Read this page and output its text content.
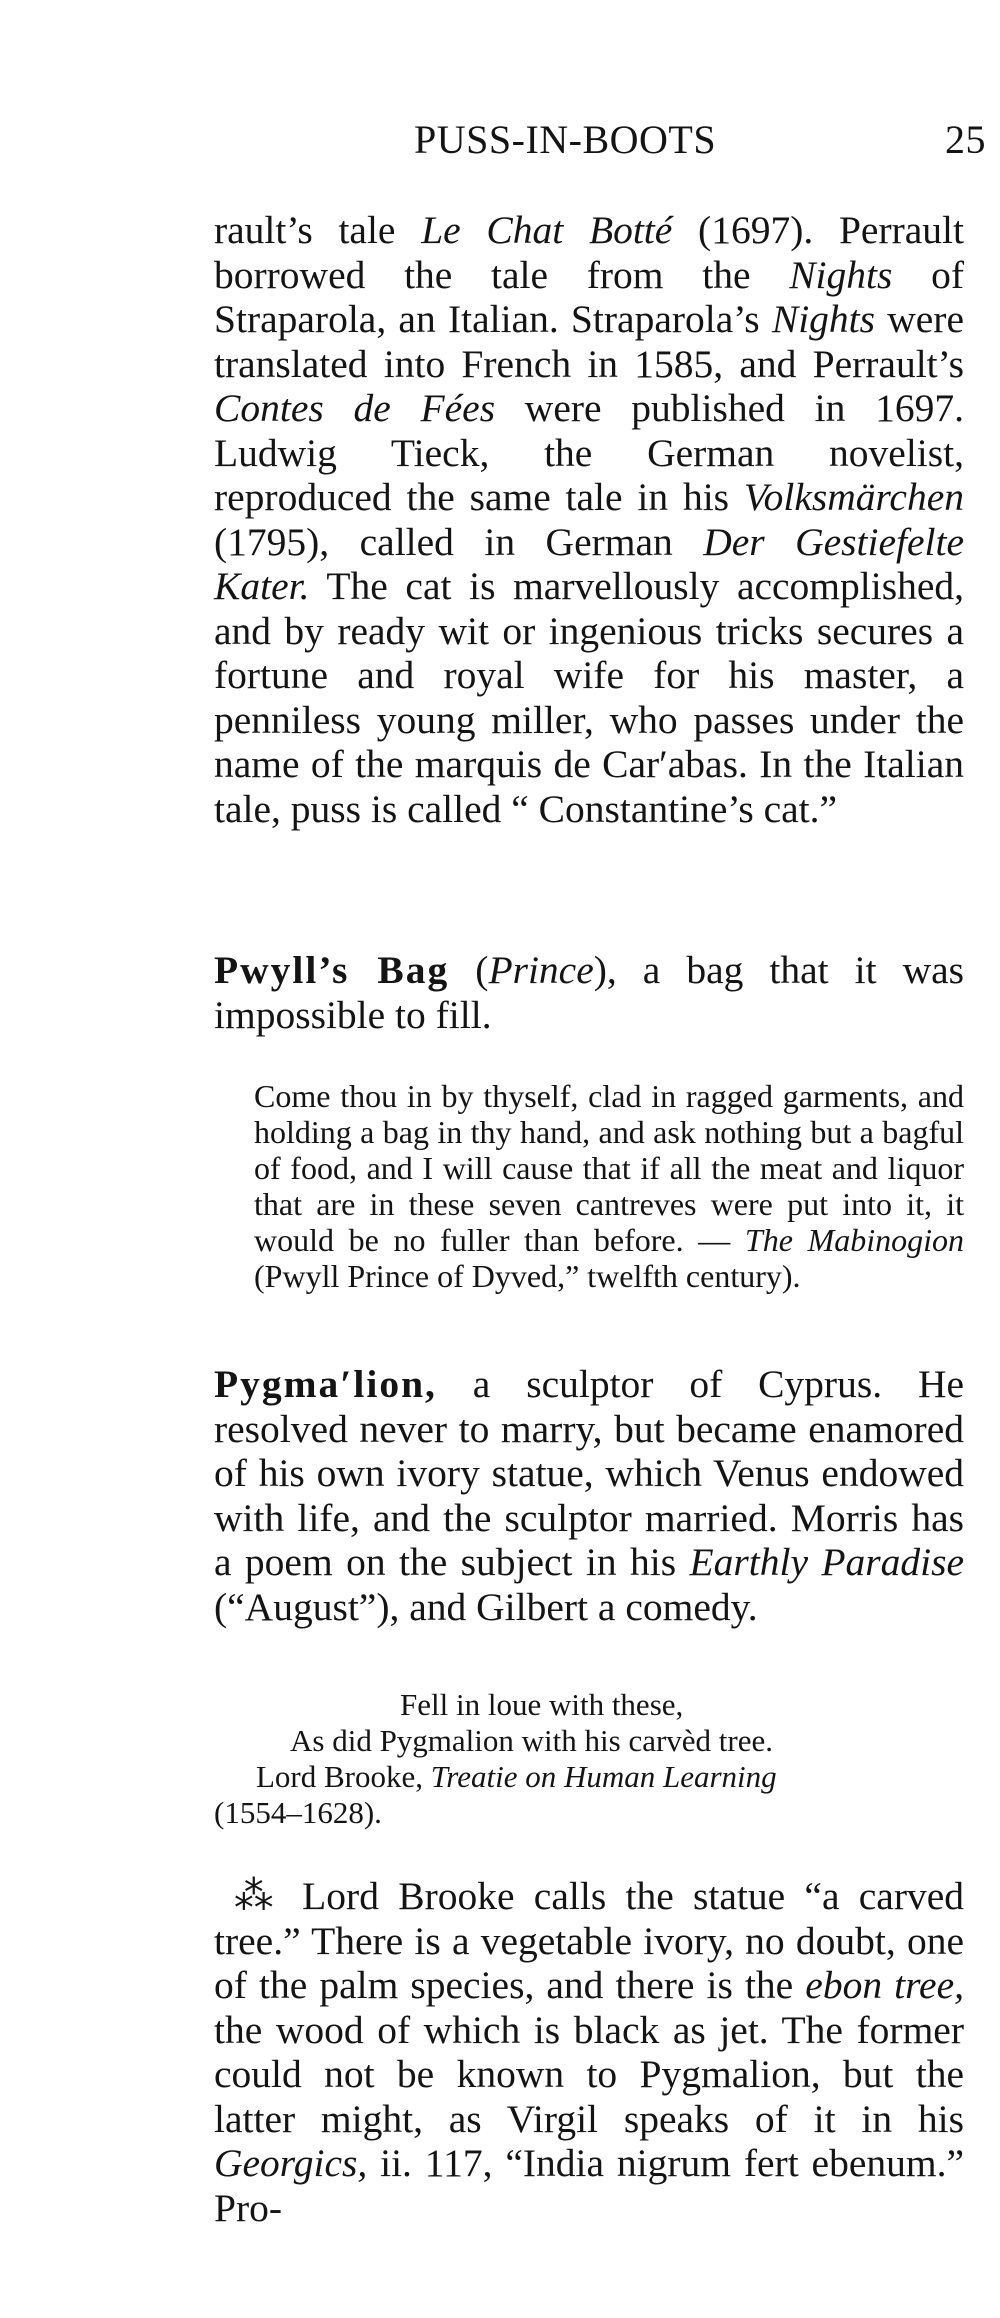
PUSS-IN-BOOTS	25

rault’s tale Le Chat Botté (1697). Perrault borrowed the tale from the Nights of Straparola, an Italian. Straparola’s Nights were translated into French in 1585, and Perrault’s Contes de Fées were published in 1697. Ludwig Tieck, the German novelist, reproduced the same tale in his Volksmärchen (1795), called in German Der Gestiefelte Kater. The cat is marvellously accomplished, and by ready wit or ingenious tricks secures a fortune and royal wife for his master, a penniless young miller, who passes under the name of the marquis de Car′abas. In the Italian tale, puss is called “ Constantine’s cat.”

Pwyll’s Bag (Prince), a bag that it was impossible to fill.

Come thou in by thyself, clad in ragged garments, and holding a bag in thy hand, and ask nothing but a bagful of food, and I will cause that if all the meat and liquor that are in these seven cantreves were put into it, it would be no fuller than before. — The Mabinogion (Pwyll Prince of Dyved,” twelfth century).

Pygma′lion, a sculptor of Cyprus. He resolved never to marry, but became enamored of his own ivory statue, which Venus endowed with life, and the sculptor married. Morris has a poem on the subject in his Earthly Paradise (“August”), and Gilbert a comedy.

Fell in loue with these,
As did Pygmalion with his carvèd tree.
Lord Brooke, Treatie on Human Learning
(1554–1628).

⁂ Lord Brooke calls the statue “a carved tree.” There is a vegetable ivory, no doubt, one of the palm species, and there is the ebon tree, the wood of which is black as jet. The former could not be known to Pygmalion, but the latter might, as Virgil speaks of it in his Georgics, ii. 117, “India nigrum fert ebenum.” Pro-
